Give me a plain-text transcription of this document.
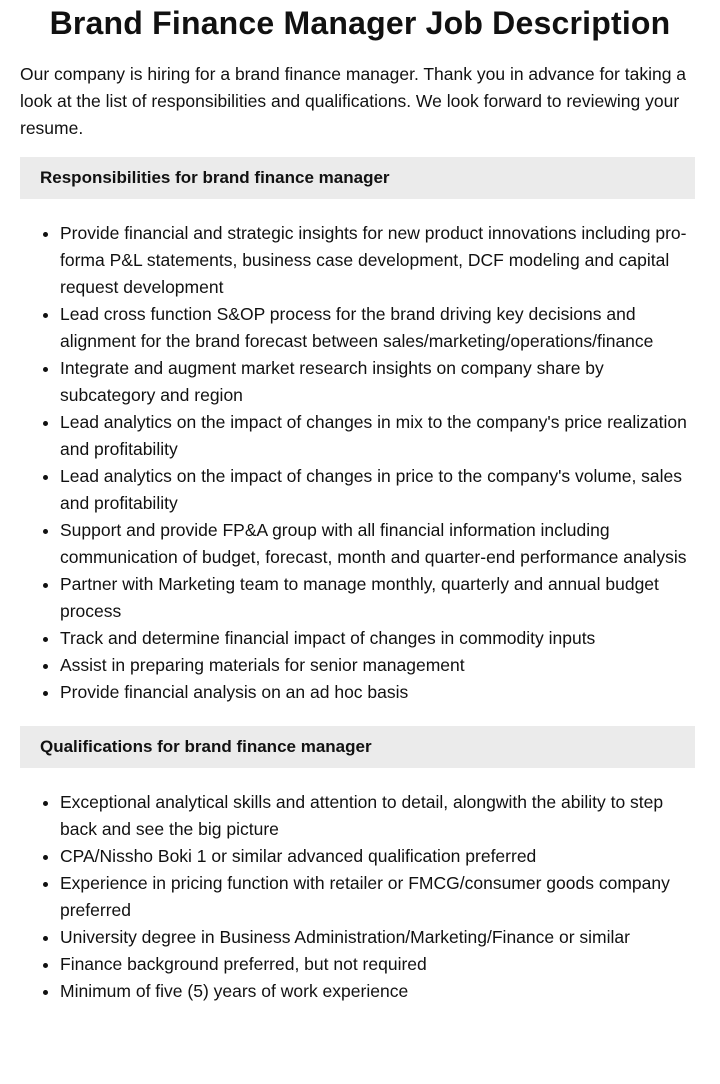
Brand Finance Manager Job Description

Our company is hiring for a brand finance manager. Thank you in advance for taking a look at the list of responsibilities and qualifications. We look forward to reviewing your resume.

Responsibilities for brand finance manager
• Provide financial and strategic insights for new product innovations including pro-forma P&L statements, business case development, DCF modeling and capital request development
• Lead cross function S&OP process for the brand driving key decisions and alignment for the brand forecast between sales/marketing/operations/finance
• Integrate and augment market research insights on company share by subcategory and region
• Lead analytics on the impact of changes in mix to the company's price realization and profitability
• Lead analytics on the impact of changes in price to the company's volume, sales and profitability
• Support and provide FP&A group with all financial information including communication of budget, forecast, month and quarter-end performance analysis
• Partner with Marketing team to manage monthly, quarterly and annual budget process
• Track and determine financial impact of changes in commodity inputs
• Assist in preparing materials for senior management
• Provide financial analysis on an ad hoc basis
Qualifications for brand finance manager
• Exceptional analytical skills and attention to detail, alongwith the ability to step back and see the big picture
• CPA/Nissho Boki 1 or similar advanced qualification preferred
• Experience in pricing function with retailer or FMCG/consumer goods company preferred
• University degree in Business Administration/Marketing/Finance or similar
• Finance background preferred, but not required
• Minimum of five (5) years of work experience
